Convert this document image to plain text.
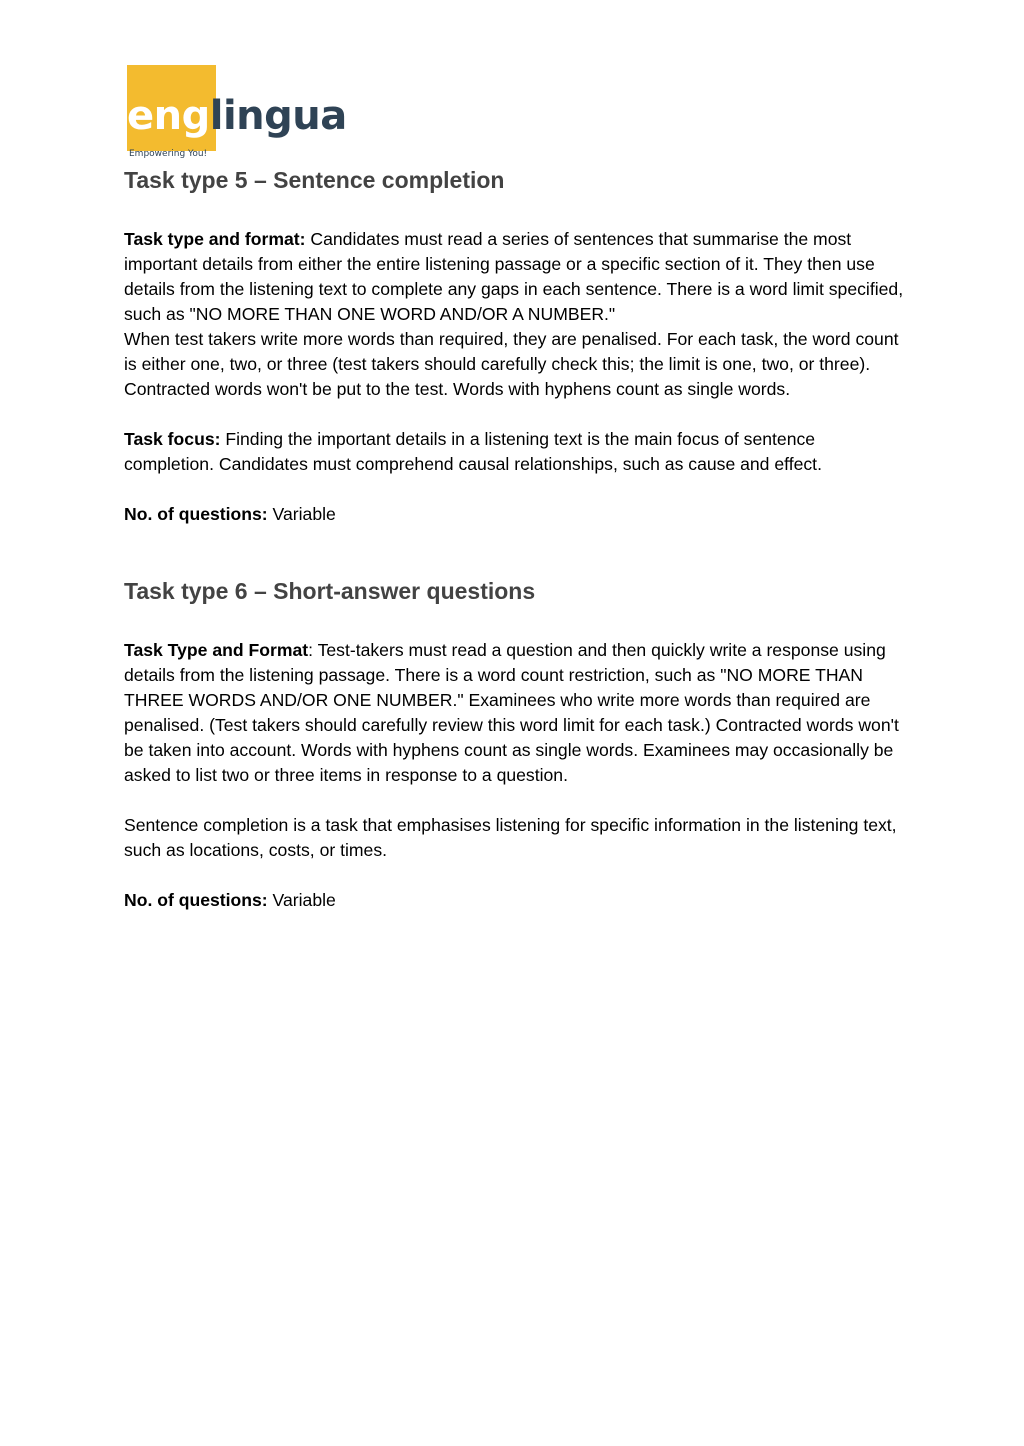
englingua
Empowering You!
Task type 5 – Sentence completion

Task type and format: Candidates must read a series of sentences that summarise the most important details from either the entire listening passage or a specific section of it. They then use details from the listening text to complete any gaps in each sentence. There is a word limit specified, such as "NO MORE THAN ONE WORD AND/OR A NUMBER."

When test takers write more words than required, they are penalised. For each task, the word count is either one, two, or three (test takers should carefully check this; the limit is one, two, or three). Contracted words won't be put to the test. Words with hyphens count as single words.

Task focus: Finding the important details in a listening text is the main focus of sentence completion. Candidates must comprehend causal relationships, such as cause and effect.

No. of questions: Variable

Task type 6 – Short-answer questions

Task Type and Format: Test-takers must read a question and then quickly write a response using details from the listening passage. There is a word count restriction, such as "NO MORE THAN THREE WORDS AND/OR ONE NUMBER." Examinees who write more words than required are penalised. (Test takers should carefully review this word limit for each task.) Contracted words won't be taken into account. Words with hyphens count as single words. Examinees may occasionally be asked to list two or three items in response to a question.

Sentence completion is a task that emphasises listening for specific information in the listening text, such as locations, costs, or times.

No. of questions: Variable
